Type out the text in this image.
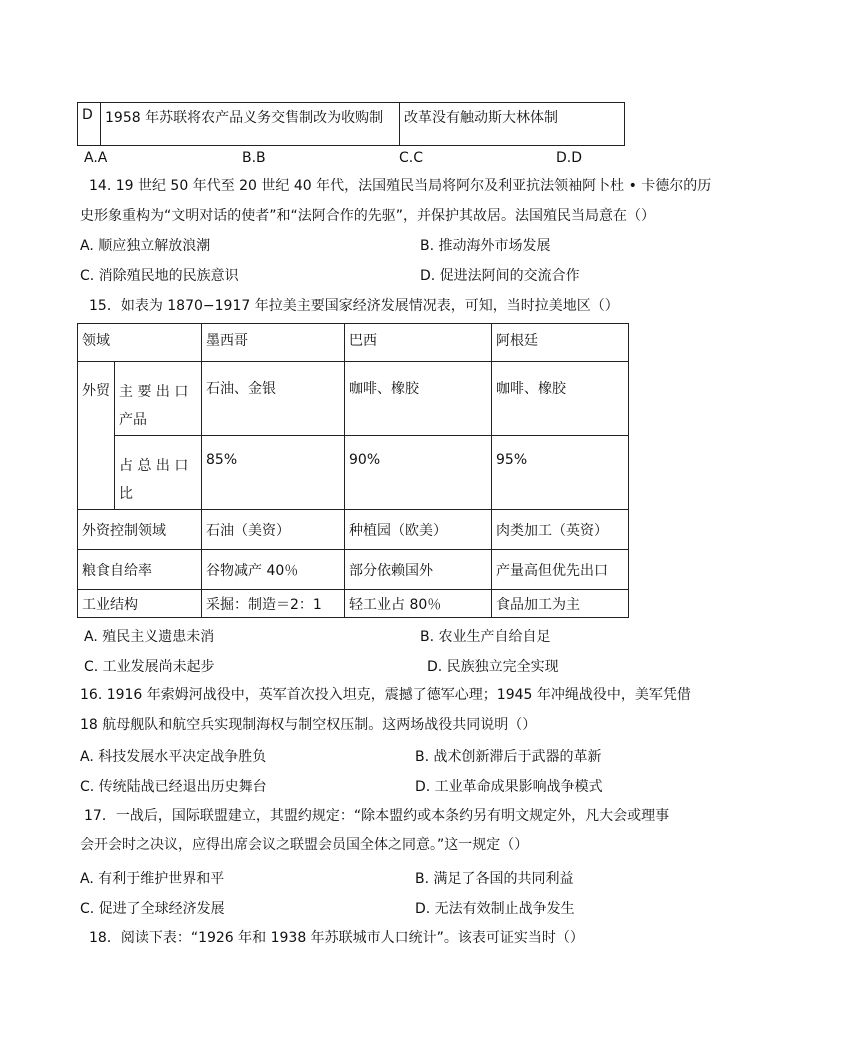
D	1958 年苏联将农产品义务交售制改为收购制	改革没有触动斯大林体制
A.A	B.B	C.C	D.D
14. 19 世纪 50 年代至 20 世纪 40 年代，法国殖民当局将阿尔及利亚抗法领袖阿卜杜 • 卡德尔的历
史形象重构为“文明对话的使者”和“法阿合作的先驱”，并保护其故居。法国殖民当局意在（）
A. 顺应独立解放浪潮	B. 推动海外市场发展
C. 消除殖民地的民族意识	D. 促进法阿间的交流合作
15．如表为 1870−1917 年拉美主要国家经济发展情况表，可知，当时拉美地区（）
领域		墨西哥	巴西	阿根廷
外贸	主 要 出 口 产品	石油、金银	咖啡、橡胶	咖啡、橡胶
	占 总 出 口 比	85%	90%	95%
外资控制领域		石油（美资）	种植园（欧美）	肉类加工（英资）
粮食自给率		谷物减产 40％	部分依赖国外	产量高但优先出口
工业结构		采掘：制造＝2：1	轻工业占 80％	食品加工为主
A. 殖民主义遗患未消	B. 农业生产自给自足
C. 工业发展尚未起步	D. 民族独立完全实现
16. 1916 年索姆河战役中，英军首次投入坦克，震撼了德军心理；1945 年冲绳战役中，美军凭借
18 航母舰队和航空兵实现制海权与制空权压制。这两场战役共同说明（）
A. 科技发展水平决定战争胜负	B. 战术创新滞后于武器的革新
C. 传统陆战已经退出历史舞台	D. 工业革命成果影响战争模式
17．一战后，国际联盟建立，其盟约规定：“除本盟约或本条约另有明文规定外，凡大会或理事
会开会时之决议，应得出席会议之联盟会员国全体之同意。”这一规定（）
A. 有利于维护世界和平	B. 满足了各国的共同利益
C. 促进了全球经济发展	D. 无法有效制止战争发生
18．阅读下表：“1926 年和 1938 年苏联城市人口统计”。该表可证实当时（）
